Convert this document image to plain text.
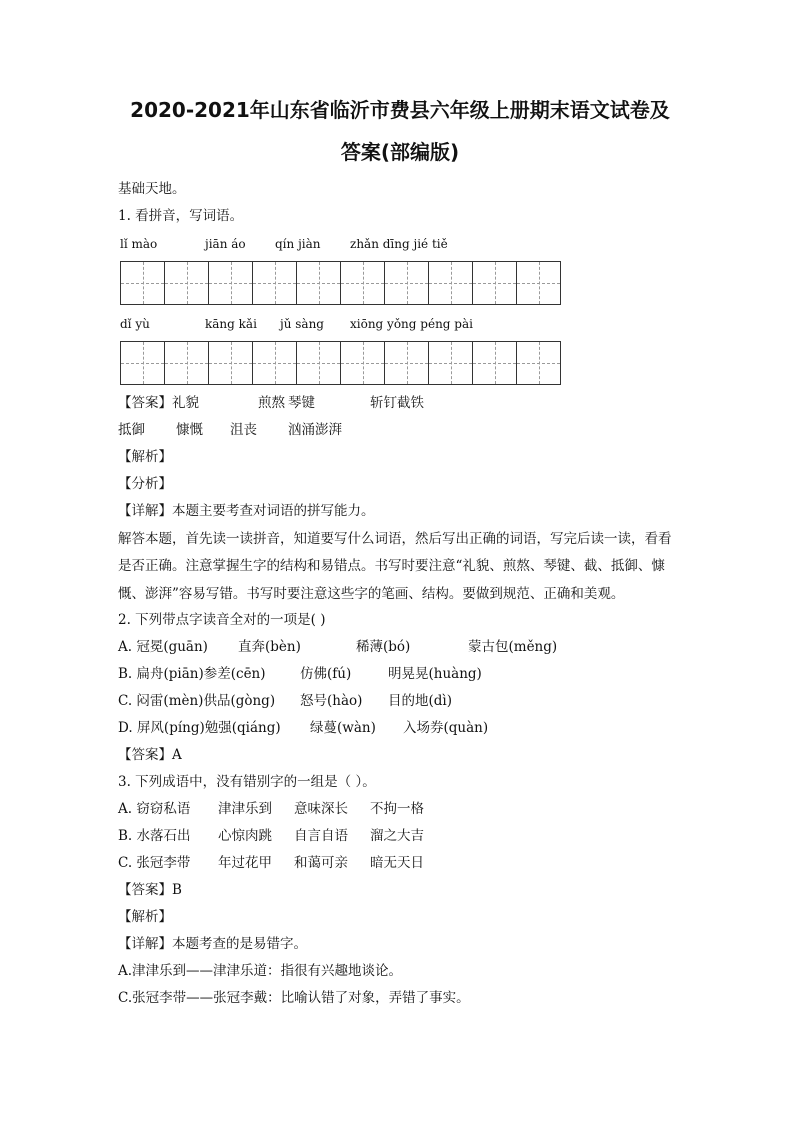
2020-2021年山东省临沂市费县六年级上册期末语文试卷及
答案(部编版)
基础天地。
1. 看拼音，写词语。
lǐ mào	jiān áo qín jiàn zhǎn dīng jié tiě
dǐ yù	kāng kǎi jǔ sàng xiōng yǒng péng pài
【答案】礼貌	煎熬 琴键	斩钉截铁
抵御 慷慨 沮丧 汹涌澎湃
【解析】
【分析】
【详解】本题主要考查对词语的拼写能力。
解答本题，首先读一读拼音，知道要写什么词语，然后写出正确的词语，写完后读一读，看看是否正确。注意掌握生字的结构和易错点。书写时要注意“礼貌、煎熬、琴键、截、抵御、慷慨、澎湃”容易写错。书写时要注意这些字的笔画、结构。要做到规范、正确和美观。
2. 下列带点字读音全对的一项是( )
A. 冠冕(guān) 直奔(bèn)	稀薄(bó)	蒙古包(měng)
B. 扁舟(piān)参差(cēn)	仿佛(fú)	明晃晃(huàng)
C. 闷雷(mèn)供品(gòng) 怒号(hào) 目的地(dì)
D. 屏风(píng)勉强(qiáng) 绿蔓(wàn) 入场券(quàn)
【答案】A
3. 下列成语中，没有错别字的一组是（ ）。
A. 窃窃私语 津津乐到 意味深长 不拘一格
B. 水落石出 心惊肉跳 自言自语 溜之大吉
C. 张冠李带 年过花甲 和蔼可亲 暗无天日
【答案】B
【解析】
【详解】本题考查的是易错字。
A.津津乐到——津津乐道：指很有兴趣地谈论。
C.张冠李带——张冠李戴：比喻认错了对象，弄错了事实。
